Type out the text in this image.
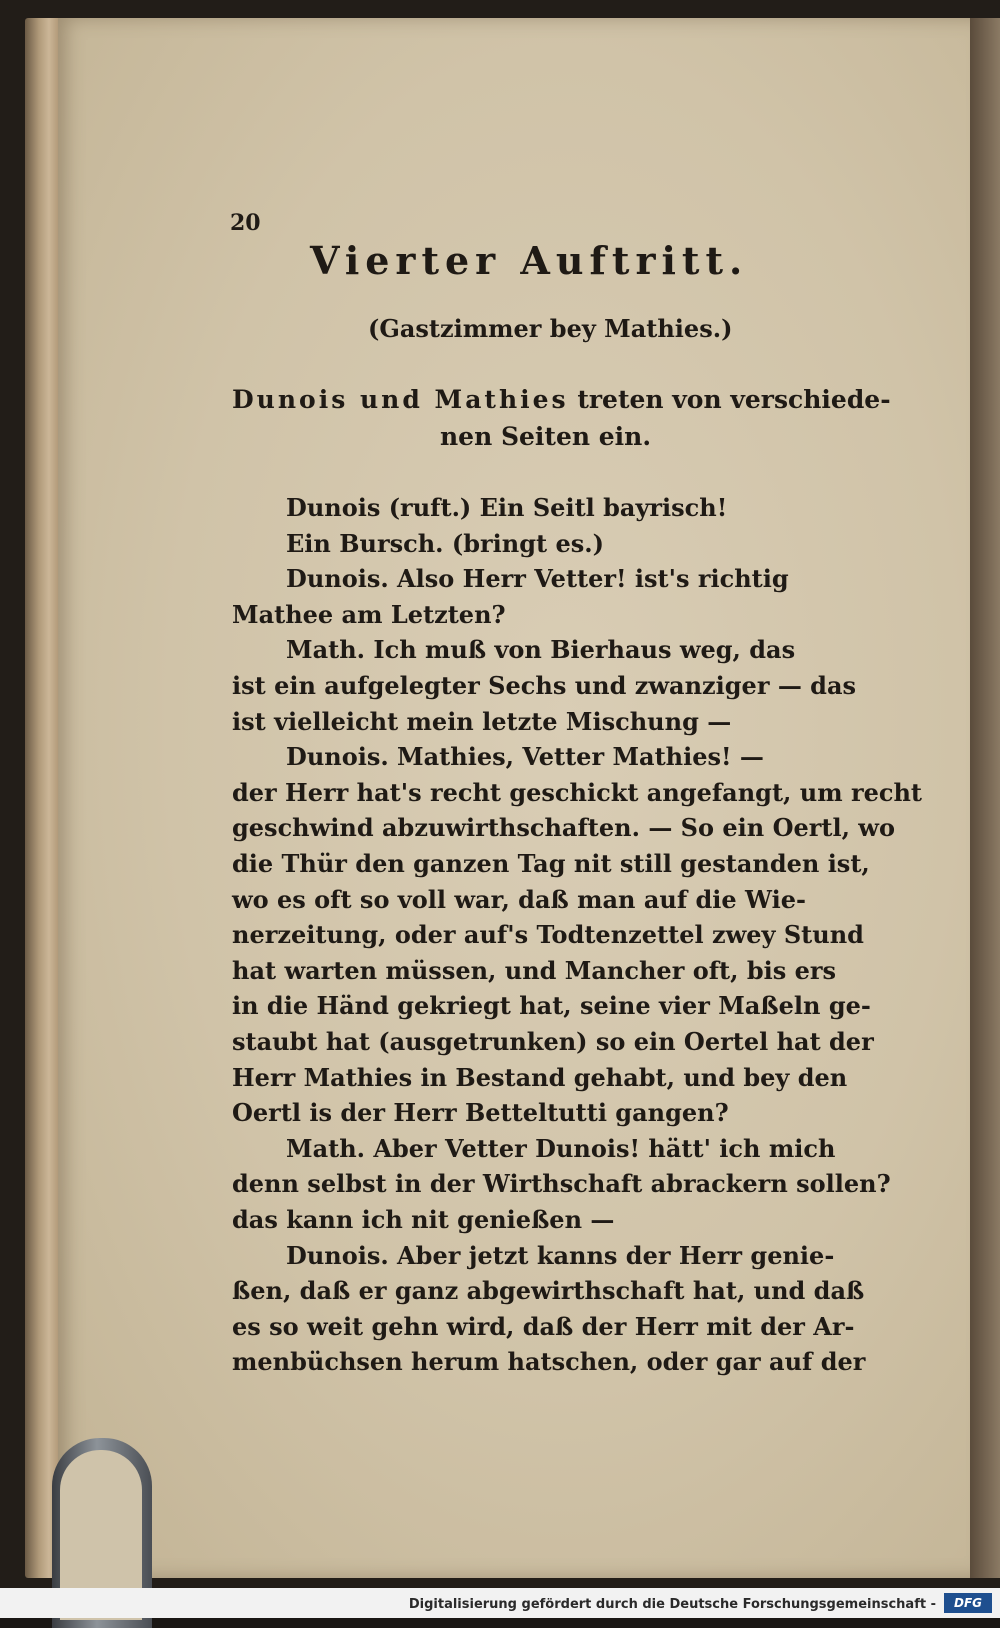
20
Vierter Auftritt.
(Gastzimmer bey Mathies.)
Dunois und Mathies treten von verschiede-
nen Seiten ein.
Dunois (ruft.) Ein Seitl bayrisch!
Ein Bursch. (bringt es.)
Dunois. Also Herr Vetter! ist's richtig
Mathee am Letzten?
Math. Ich muß von Bierhaus weg, das
ist ein aufgelegter Sechs und zwanziger — das
ist vielleicht mein letzte Mischung —
Dunois. Mathies, Vetter Mathies! —
der Herr hat's recht geschickt angefangt, um recht
geschwind abzuwirthschaften. — So ein Oertl, wo
die Thür den ganzen Tag nit still gestanden ist,
wo es oft so voll war, daß man auf die Wie-
nerzeitung, oder auf's Todtenzettel zwey Stund
hat warten müssen, und Mancher oft, bis ers
in die Händ gekriegt hat, seine vier Maßeln ge-
staubt hat (ausgetrunken) so ein Oertel hat der
Herr Mathies in Bestand gehabt, und bey den
Oertl is der Herr Betteltutti gangen?
Math. Aber Vetter Dunois! hätt' ich mich
denn selbst in der Wirthschaft abrackern sollen?
das kann ich nit genießen —
Dunois. Aber jetzt kanns der Herr genie-
ßen, daß er ganz abgewirthschaft hat, und daß
es so weit gehn wird, daß der Herr mit der Ar-
menbüchsen herum hatschen, oder gar auf der
Digitalisierung gefördert durch die Deutsche Forschungsgemeinschaft -	DFG
